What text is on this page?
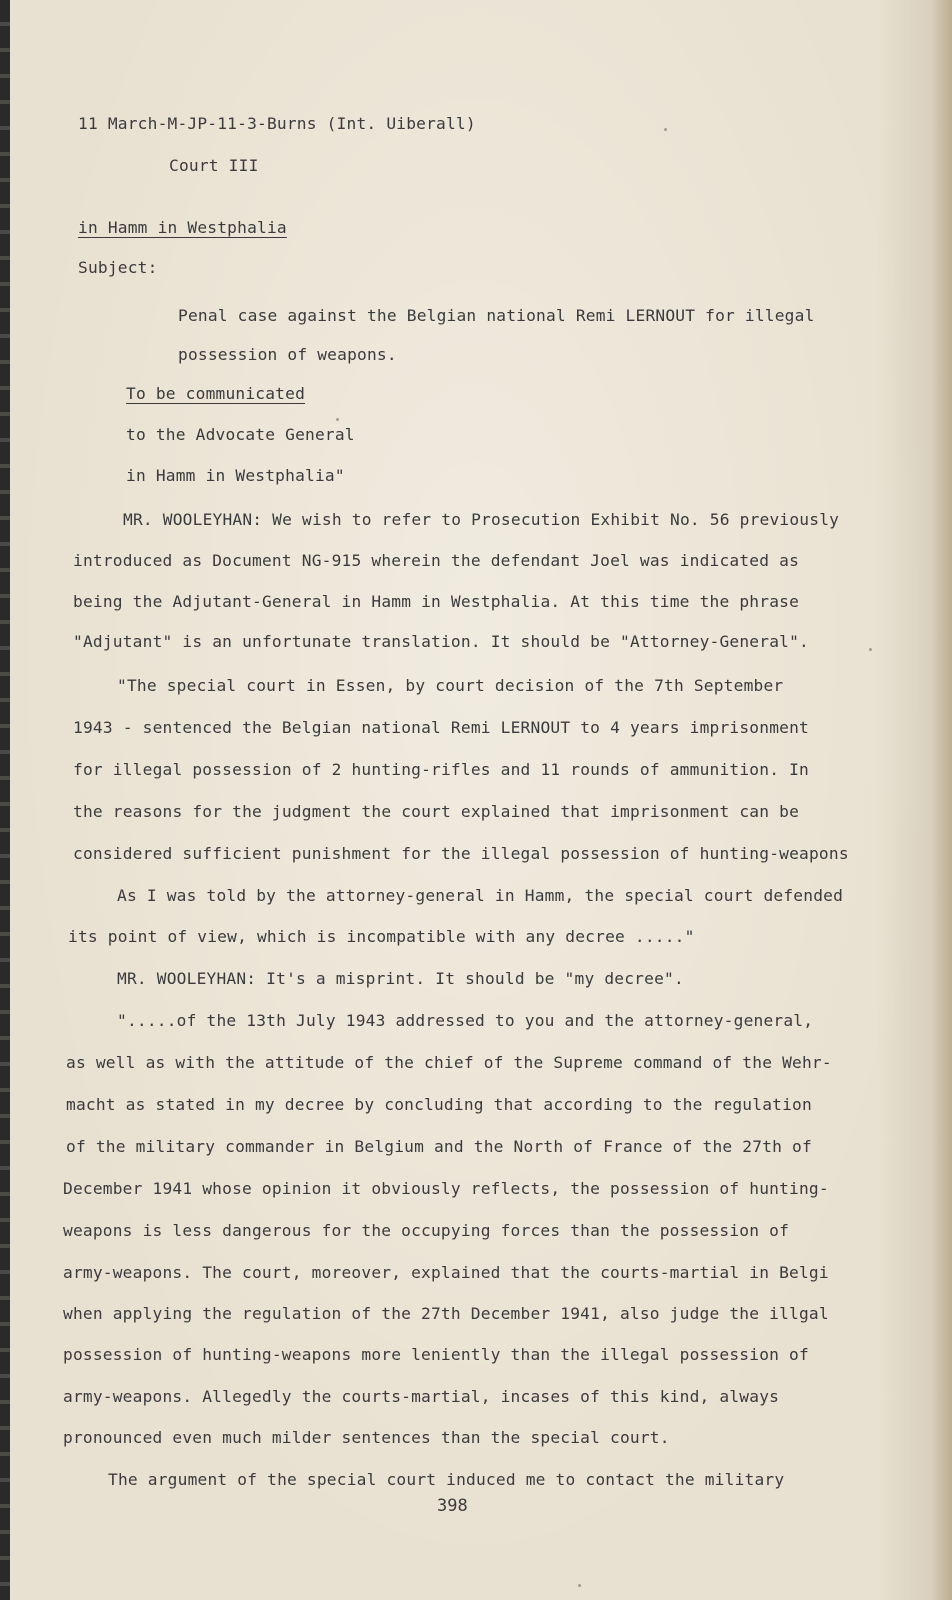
11 March-M-JP-11-3-Burns (Int. Uiberall)
Court III
in Hamm in Westphalia
Subject:
Penal case against the Belgian national Remi LERNOUT for illegal
possession of weapons.
To be communicated
to the Advocate General
in Hamm in Westphalia"
MR. WOOLEYHAN: We wish to refer to Prosecution Exhibit No. 56 previously
introduced as Document NG-915 wherein the defendant Joel was indicated as
being the Adjutant-General in Hamm in Westphalia. At this time the phrase
"Adjutant" is an unfortunate translation. It should be "Attorney-General".
"The special court in Essen, by court decision of the 7th September
1943 - sentenced the Belgian national Remi LERNOUT to 4 years imprisonment
for illegal possession of 2 hunting-rifles and 11 rounds of ammunition. In
the reasons for the judgment the court explained that imprisonment can be
considered sufficient punishment for the illegal possession of hunting-weapons
As I was told by the attorney-general in Hamm, the special court defended
its point of view, which is incompatible with any decree ....."
MR. WOOLEYHAN: It's a misprint. It should be "my decree".
".....of the 13th July 1943 addressed to you and the attorney-general,
as well as with the attitude of the chief of the Supreme command of the Wehr-
macht as stated in my decree by concluding that according to the regulation
of the military commander in Belgium and the North of France of the 27th of
December 1941 whose opinion it obviously reflects, the possession of hunting-
weapons is less dangerous for the occupying forces than the possession of
army-weapons. The court, moreover, explained that the courts-martial in Belgi
when applying the regulation of the 27th December 1941, also judge the illgal
possession of hunting-weapons more leniently than the illegal possession of
army-weapons. Allegedly the courts-martial, incases of this kind, always
pronounced even much milder sentences than the special court.
The argument of the special court induced me to contact the military
398
